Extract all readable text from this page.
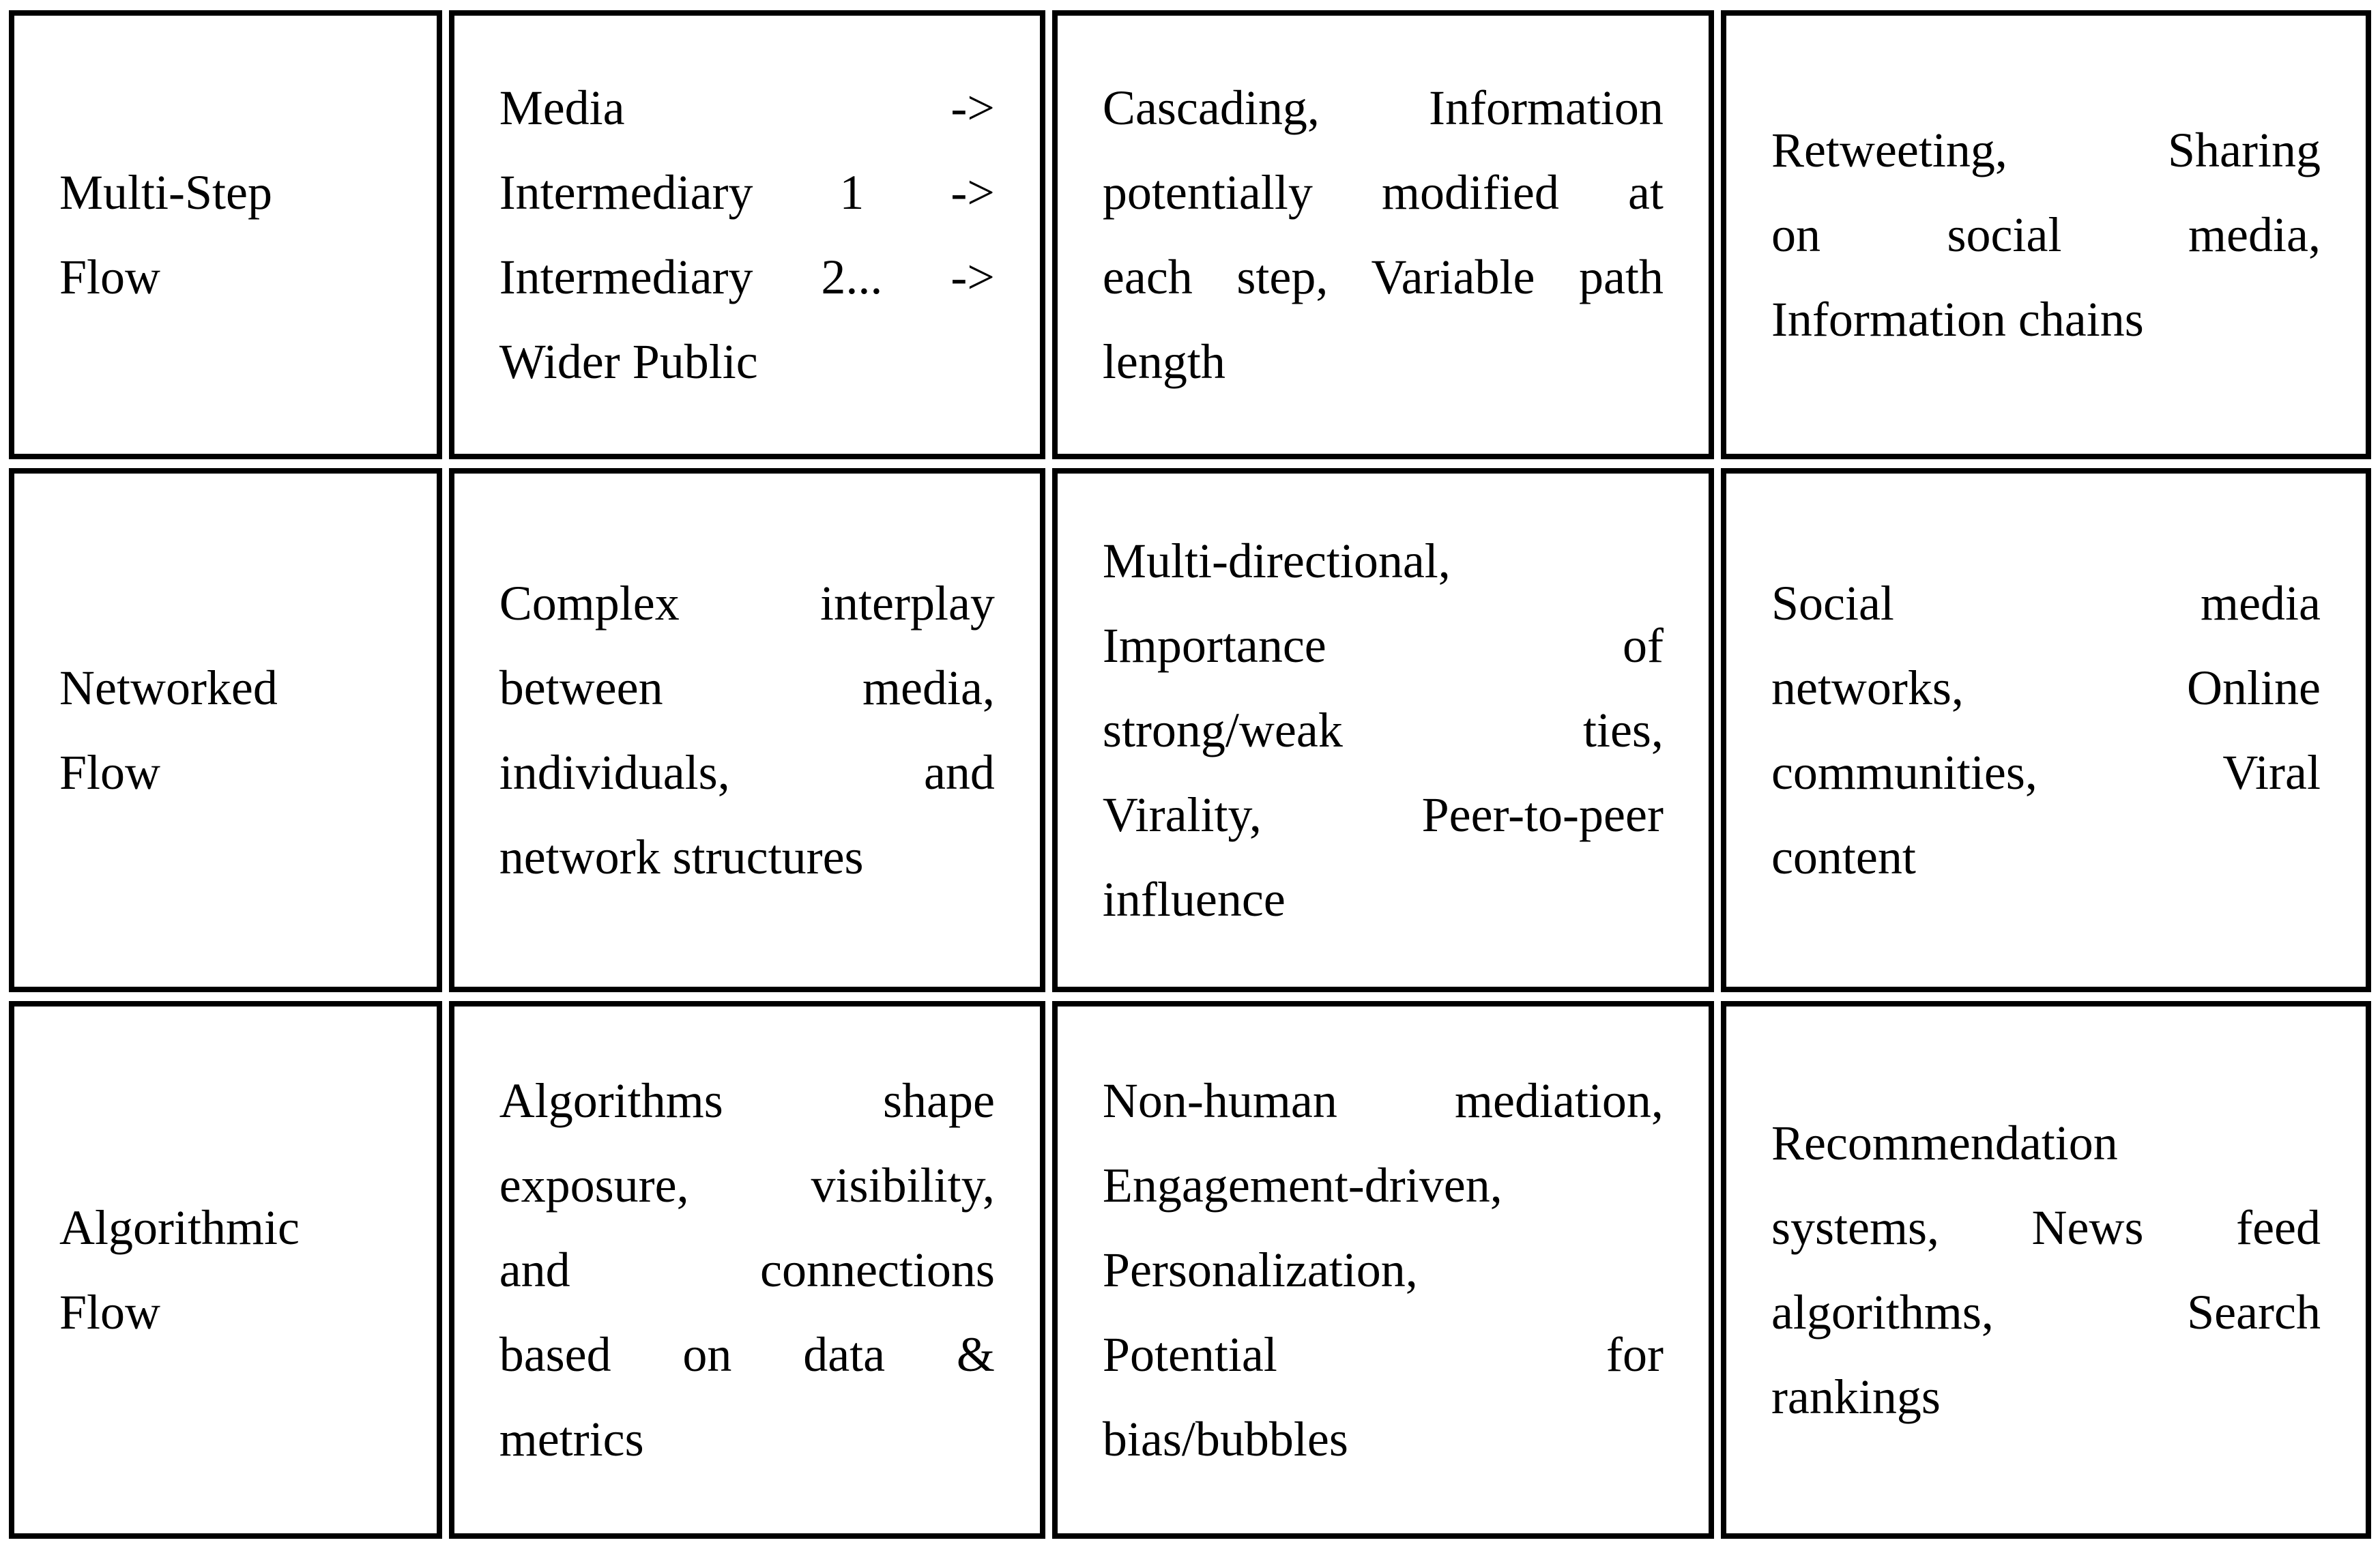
Multi-Step
Flow
Media ->
Intermediary 1 ->
Intermediary 2... ->
Wider Public
Cascading, Information
potentially modified at
each step, Variable path
length
Retweeting, Sharing
on social media,
Information chains
Networked
Flow
Complex interplay
between media,
individuals, and
network structures
Multi-directional,
Importance of
strong/weak ties,
Virality, Peer-to-peer
influence
Social media
networks, Online
communities, Viral
content
Algorithmic
Flow
Algorithms shape
exposure, visibility,
and connections
based on data &
metrics
Non-human mediation,
Engagement-driven,
Personalization,
Potential for
bias/bubbles
Recommendation
systems, News feed
algorithms, Search
rankings
